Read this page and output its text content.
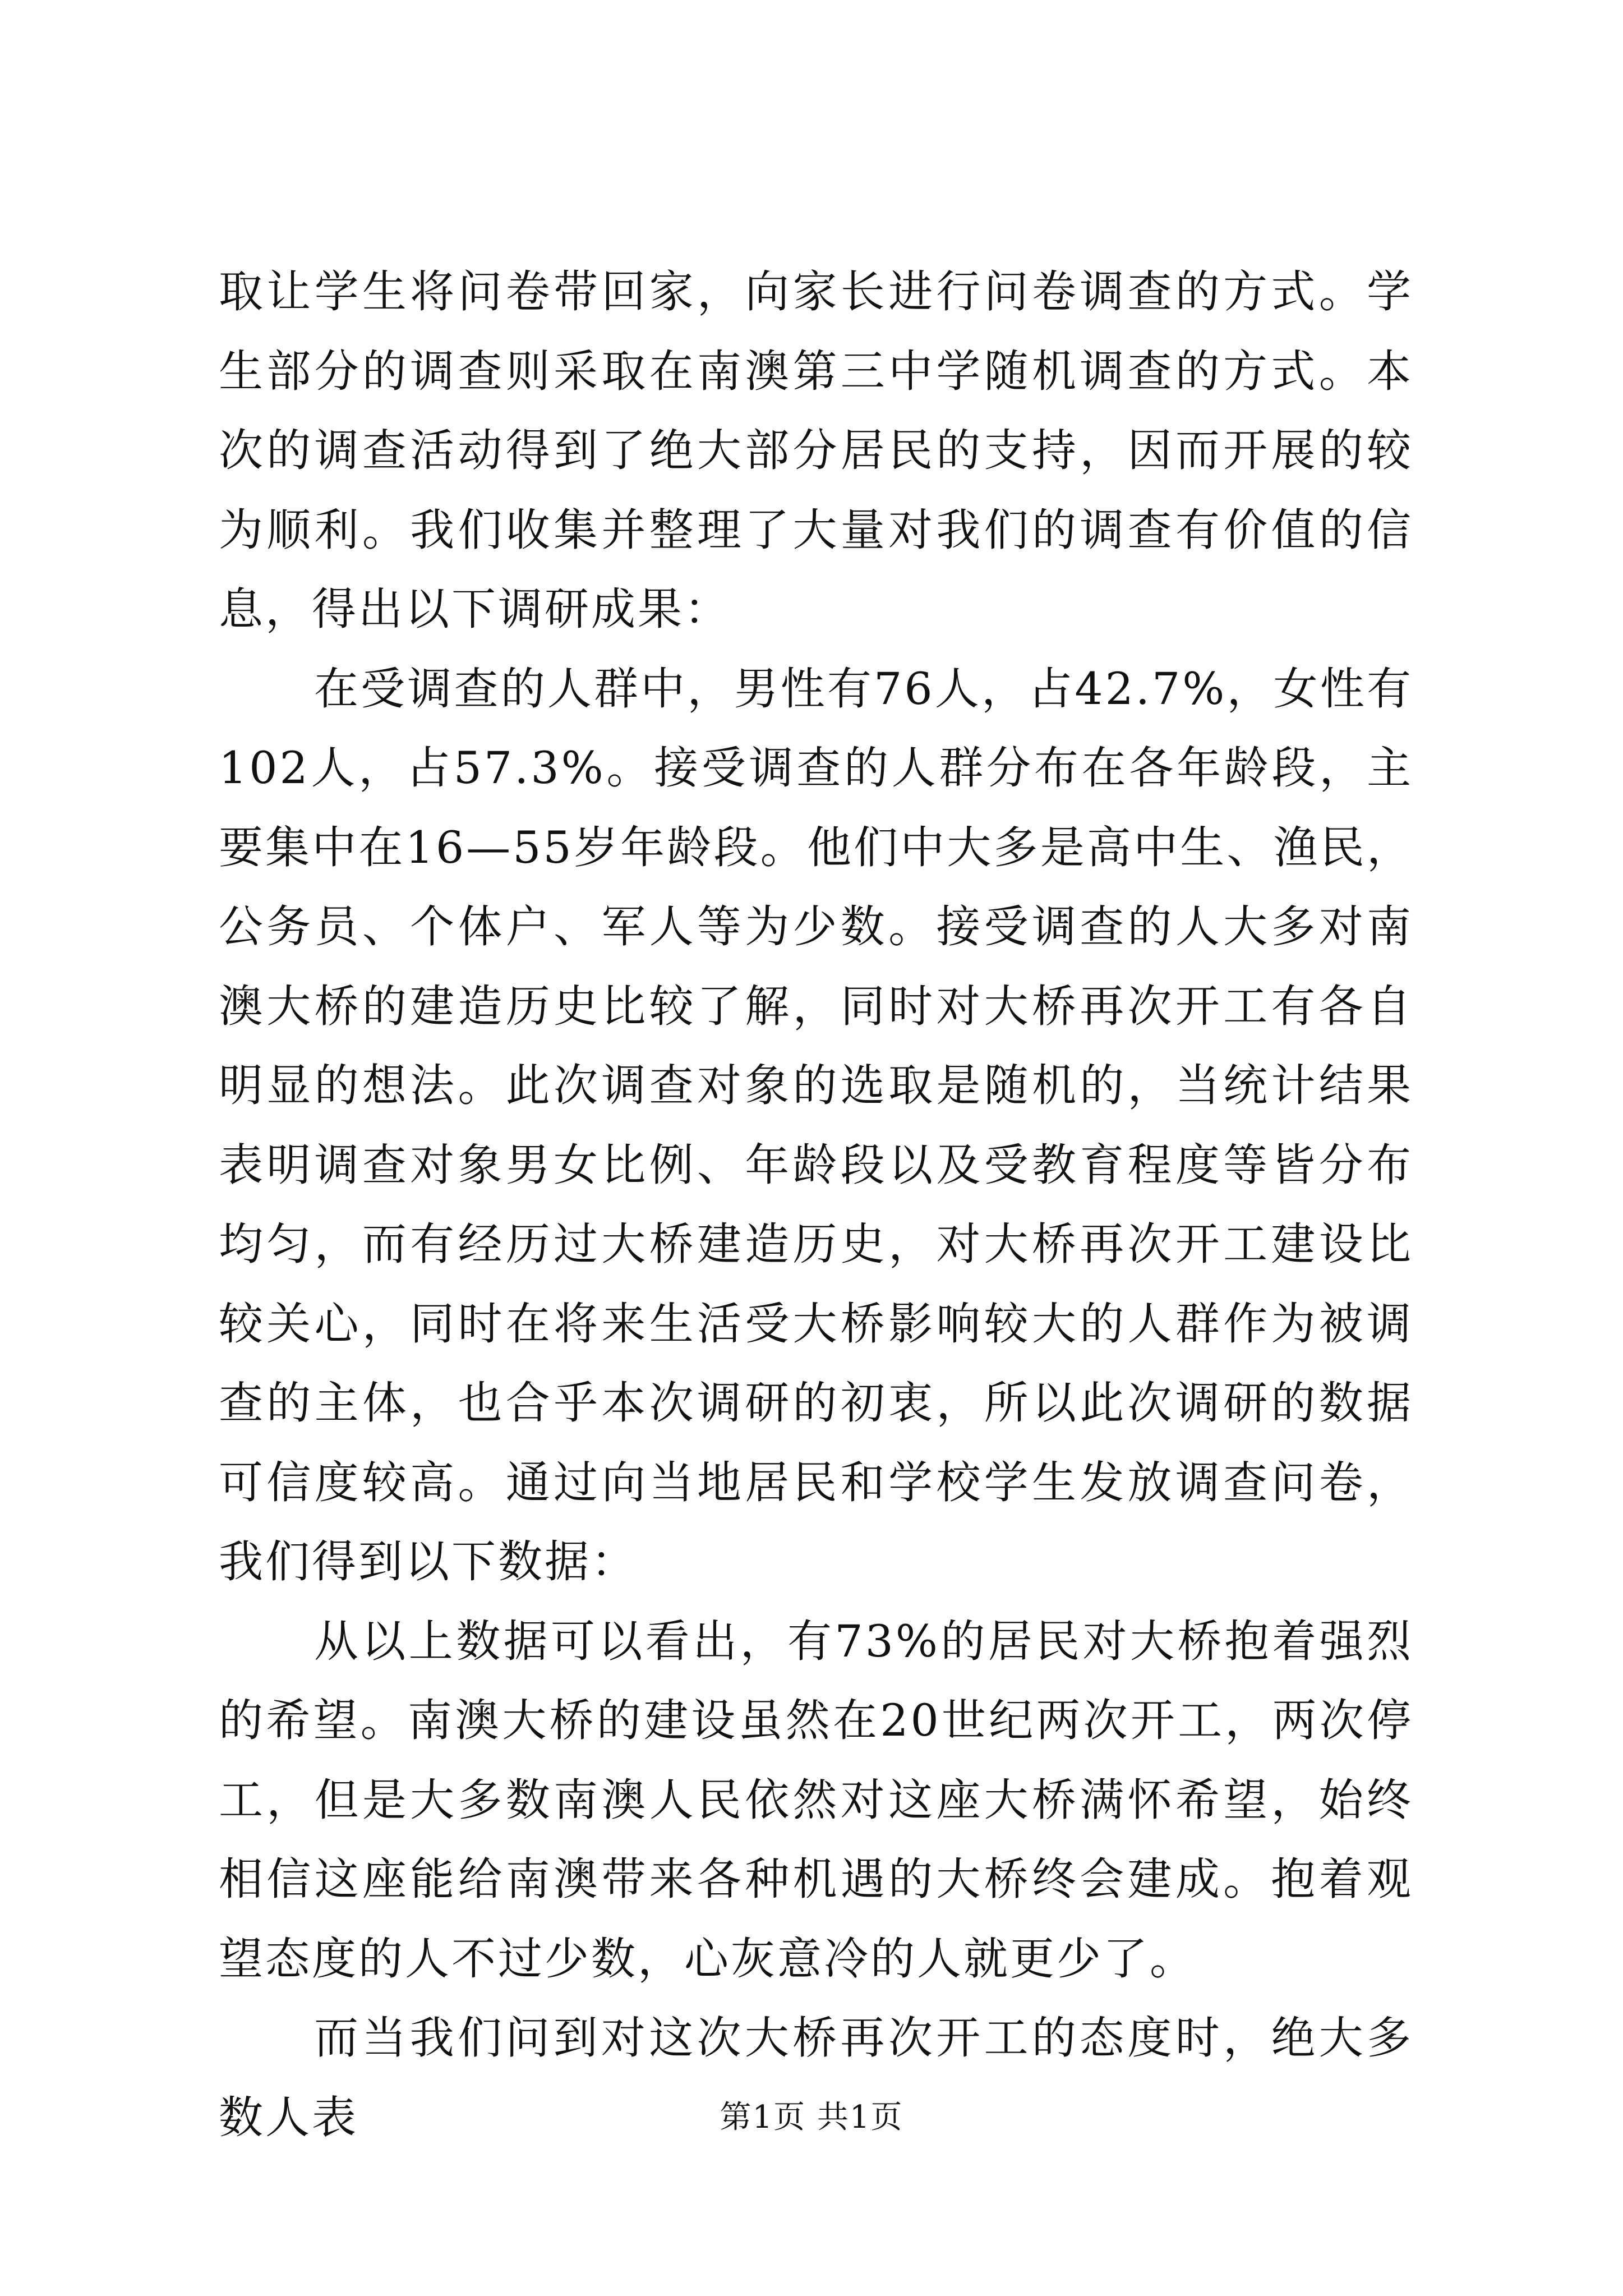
取让学生将问卷带回家，向家长进行问卷调查的方式。学生部分的调查则采取在南澳第三中学随机调查的方式。本次的调查活动得到了绝大部分居民的支持，因而开展的较为顺利。我们收集并整理了大量对我们的调查有价值的信息，得出以下调研成果：

在受调查的人群中，男性有76人，占42.7%，女性有102人，占57.3%。接受调查的人群分布在各年龄段，主要集中在16—55岁年龄段。他们中大多是高中生、渔民，公务员、个体户、军人等为少数。接受调查的人大多对南澳大桥的建造历史比较了解，同时对大桥再次开工有各自明显的想法。此次调查对象的选取是随机的，当统计结果表明调查对象男女比例、年龄段以及受教育程度等皆分布均匀，而有经历过大桥建造历史，对大桥再次开工建设比较关心，同时在将来生活受大桥影响较大的人群作为被调查的主体，也合乎本次调研的初衷，所以此次调研的数据可信度较高。通过向当地居民和学校学生发放调查问卷，我们得到以下数据：

从以上数据可以看出，有73%的居民对大桥抱着强烈的希望。南澳大桥的建设虽然在20世纪两次开工，两次停工，但是大多数南澳人民依然对这座大桥满怀希望，始终相信这座能给南澳带来各种机遇的大桥终会建成。抱着观望态度的人不过少数，心灰意冷的人就更少了。

而当我们问到对这次大桥再次开工的态度时，绝大多数人表	第1页 共1页
